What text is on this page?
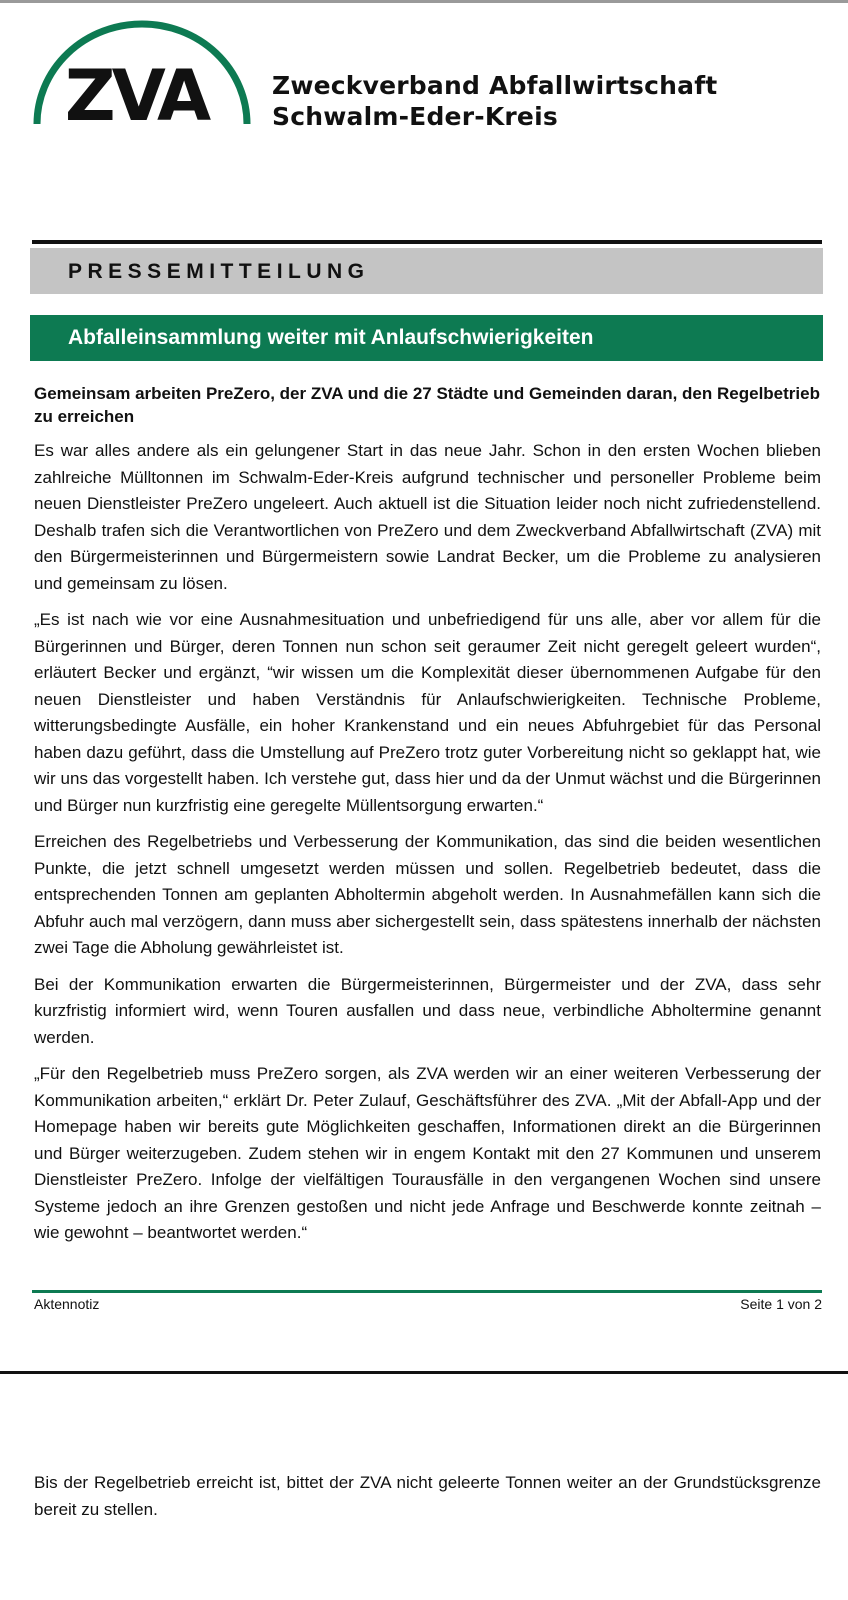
ZVA	Zweckverband Abfallwirtschaft
Schwalm-Eder-Kreis
PRESSEMITTEILUNG
Abfalleinsammlung weiter mit Anlaufschwierigkeiten

Gemeinsam arbeiten PreZero, der ZVA und die 27 Städte und Gemeinden daran, den Regelbetrieb zu erreichen

Es war alles andere als ein gelungener Start in das neue Jahr. Schon in den ersten Wochen blieben zahlreiche Mülltonnen im Schwalm-Eder-Kreis aufgrund technischer und personeller Probleme beim neuen Dienstleister PreZero ungeleert. Auch aktuell ist die Situation leider noch nicht zufriedenstellend. Deshalb trafen sich die Verantwortlichen von PreZero und dem Zweckverband Abfallwirtschaft (ZVA) mit den Bürgermeisterinnen und Bürgermeistern sowie Landrat Becker, um die Probleme zu analysieren und gemeinsam zu lösen.

„Es ist nach wie vor eine Ausnahmesituation und unbefriedigend für uns alle, aber vor allem für die Bürgerinnen und Bürger, deren Tonnen nun schon seit geraumer Zeit nicht geregelt geleert wurden“, erläutert Becker und ergänzt, “wir wissen um die Komplexität dieser übernommenen Aufgabe für den neuen Dienstleister und haben Verständnis für Anlaufschwierigkeiten. Technische Probleme, witterungsbedingte Ausfälle, ein hoher Krankenstand und ein neues Abfuhrgebiet für das Personal haben dazu geführt, dass die Umstellung auf PreZero trotz guter Vorbereitung nicht so geklappt hat, wie wir uns das vorgestellt haben. Ich verstehe gut, dass hier und da der Unmut wächst und die Bürgerinnen und Bürger nun kurzfristig eine geregelte Müllentsorgung erwarten.“

Erreichen des Regelbetriebs und Verbesserung der Kommunikation, das sind die beiden wesentlichen Punkte, die jetzt schnell umgesetzt werden müssen und sollen. Regelbetrieb bedeutet, dass die entsprechenden Tonnen am geplanten Abholtermin abgeholt werden. In Ausnahmefällen kann sich die Abfuhr auch mal verzögern, dann muss aber sichergestellt sein, dass spätestens innerhalb der nächsten zwei Tage die Abholung gewährleistet ist.

Bei der Kommunikation erwarten die Bürgermeisterinnen, Bürgermeister und der ZVA, dass sehr kurzfristig informiert wird, wenn Touren ausfallen und dass neue, verbindliche Abholtermine genannt werden.

„Für den Regelbetrieb muss PreZero sorgen, als ZVA werden wir an einer weiteren Verbesserung der Kommunikation arbeiten,“ erklärt Dr. Peter Zulauf, Geschäftsführer des ZVA. „Mit der Abfall-App und der Homepage haben wir bereits gute Möglichkeiten geschaffen, Informationen direkt an die Bürgerinnen und Bürger weiterzugeben. Zudem stehen wir in engem Kontakt mit den 27 Kommunen und unserem Dienstleister PreZero. Infolge der vielfältigen Tourausfälle in den vergangenen Wochen sind unsere Systeme jedoch an ihre Grenzen gestoßen und nicht jede Anfrage und Beschwerde konnte zeitnah – wie gewohnt – beantwortet werden.“

Aktennotiz	Seite 1 von 2

Bis der Regelbetrieb erreicht ist, bittet der ZVA nicht geleerte Tonnen weiter an der Grundstücksgrenze bereit zu stellen.
